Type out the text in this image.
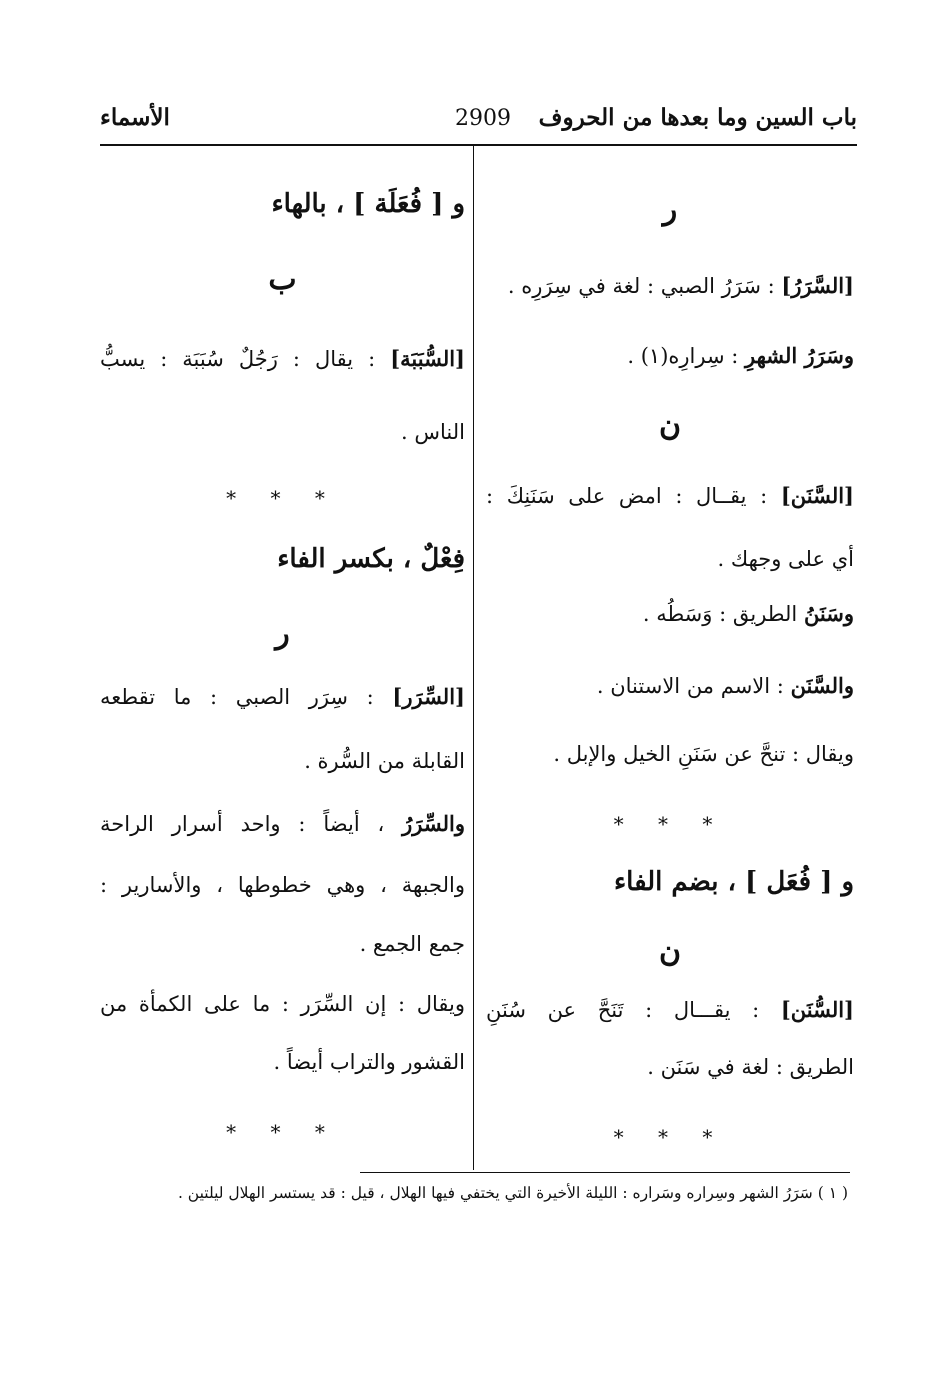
باب السين وما بعدها من الحروف
2909
الأسماء
ر
[السَّرَرُ] : سَرَرُ الصبي : لغة في سِرَرِه .
وسَرَرُ الشهرِ : سِرارِه(١) .
ن
[السَّنَن] : يقــال : امض على سَنَنِكَ :
أي على وجهك .
وسَنَنُ الطريق : وَسَطُه .
والسَّنَن : الاسم من الاستنان .
ويقال : تنحَّ عن سَنَنِ الخيل والإبل .
* * *
و [ فُعَل ] ، بضم الفاء
ن
[السُّنَن] : يقـــال : تَنَحَّ عن سُنَنِ
الطريق : لغة في سَنَن .
* * *
و [ فُعَلَة ] ، بالهاء
ب
[السُّبَبَة] : يقال : رَجُلٌ سُبَبَة : يسبُّ
الناس .
* * *
فِعْلٌ ، بكسر الفاء
ر
[السِّرَر] : سِرَر الصبي : ما تقطعه
القابلة من السُّرة .
والسِّرَرُ ، أيضاً : واحد أسرار الراحة
والجبهة ، وهي خطوطها ، والأسارير :
جمع الجمع .
ويقال : إن السِّرَر : ما على الكمأة من
القشور والتراب أيضاً .
* * *
( ١ ) سَرَرُ الشهر وسِراره وسَراره : الليلة الأخيرة التي يختفي فيها الهلال ، قيل : قد يستسر الهلال ليلتين .
